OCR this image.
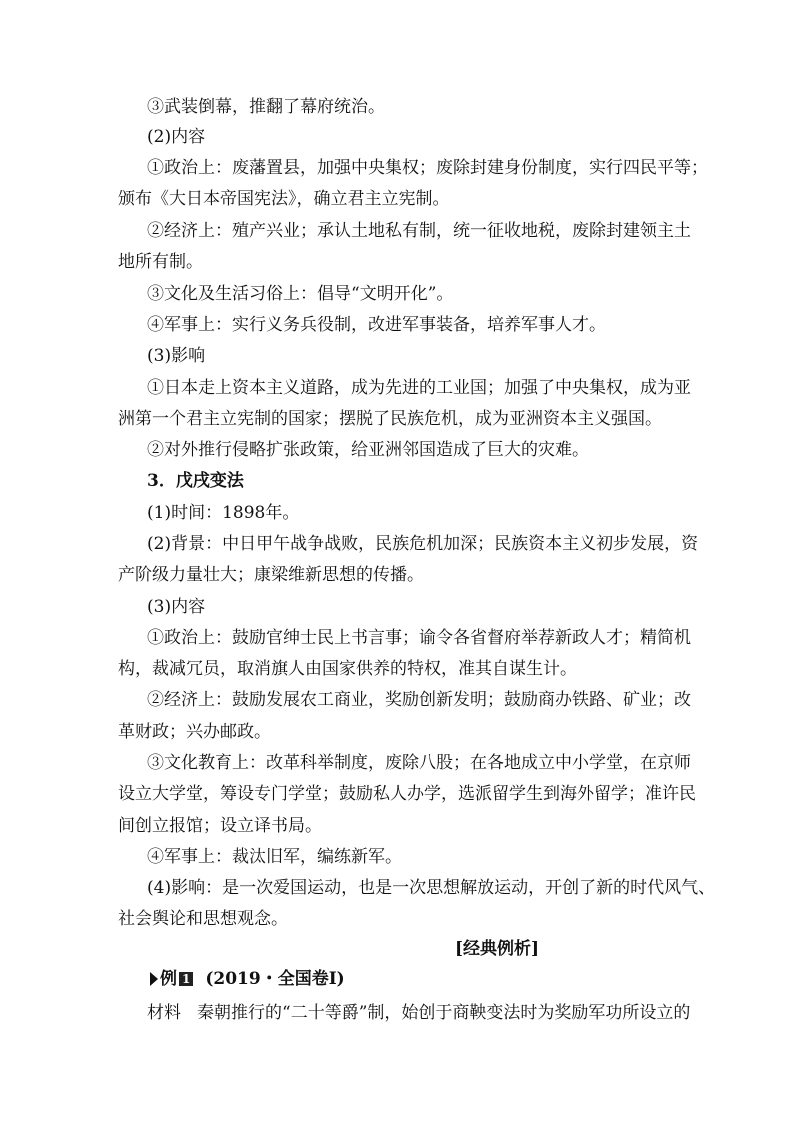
③武装倒幕，推翻了幕府统治。
(2)内容
①政治上：废藩置县，加强中央集权；废除封建身份制度，实行四民平等；
颁布《大日本帝国宪法》，确立君主立宪制。
②经济上：殖产兴业；承认土地私有制，统一征收地税，废除封建领主土
地所有制。
③文化及生活习俗上：倡导“文明开化”。
④军事上：实行义务兵役制，改进军事装备，培养军事人才。
(3)影响
①日本走上资本主义道路，成为先进的工业国；加强了中央集权，成为亚
洲第一个君主立宪制的国家；摆脱了民族危机，成为亚洲资本主义强国。
②对外推行侵略扩张政策，给亚洲邻国造成了巨大的灾难。
3．戊戌变法
(1)时间：1898年。
(2)背景：中日甲午战争战败，民族危机加深；民族资本主义初步发展，资
产阶级力量壮大；康梁维新思想的传播。
(3)内容
①政治上：鼓励官绅士民上书言事；谕令各省督府举荐新政人才；精简机
构，裁减冗员，取消旗人由国家供养的特权，准其自谋生计。
②经济上：鼓励发展农工商业，奖励创新发明；鼓励商办铁路、矿业；改
革财政；兴办邮政。
③文化教育上：改革科举制度，废除八股；在各地成立中小学堂，在京师
设立大学堂，筹设专门学堂；鼓励私人办学，选派留学生到海外留学；准许民
间创立报馆；设立译书局。
④军事上：裁汰旧军，编练新军。
(4)影响：是一次爱国运动，也是一次思想解放运动，开创了新的时代风气、
社会舆论和思想观念。
[经典例析]
例 1 (2019・全国卷Ⅰ)
材料 秦朝推行的“二十等爵”制，始创于商鞅变法时为奖励军功所设立的
